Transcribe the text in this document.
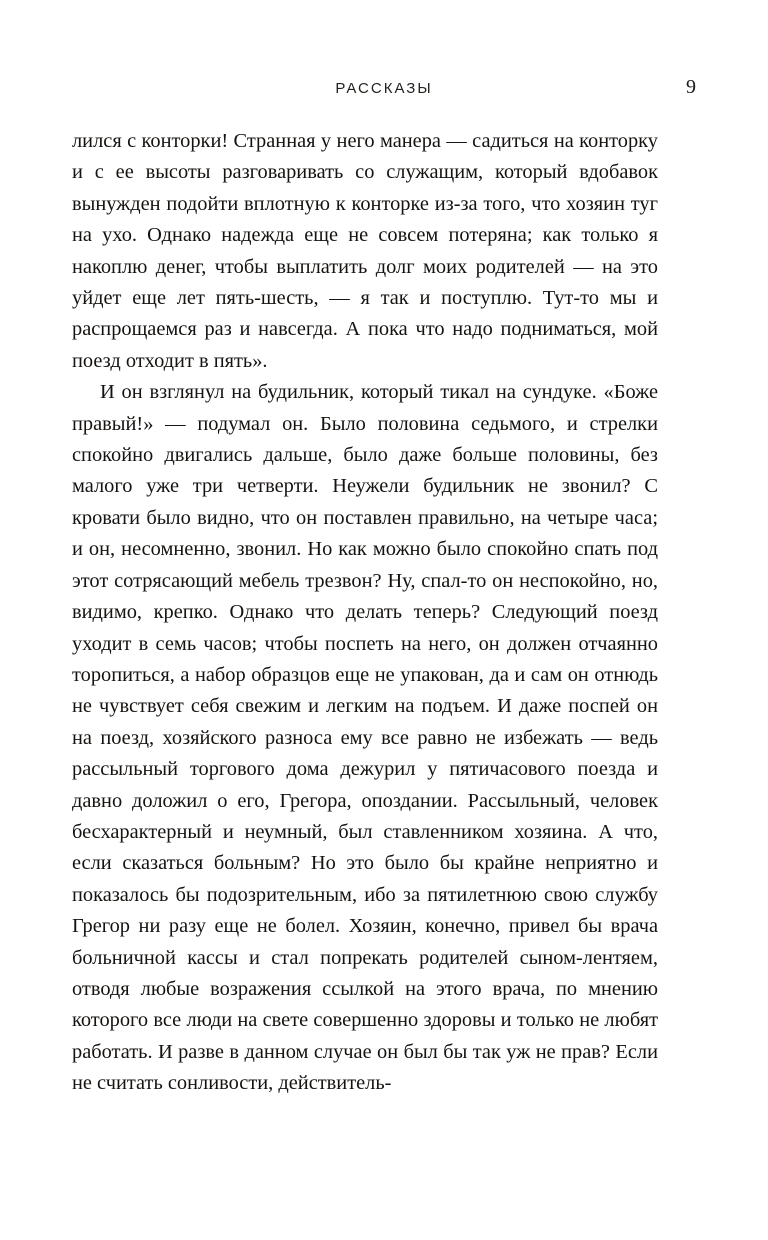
РАССКАЗЫ	9

лился с конторки! Странная у него манера — садиться на конторку и с ее высоты разговаривать со служащим, который вдобавок вынужден подойти вплотную к конторке из-за того, что хозяин туг на ухо. Однако надежда еще не совсем потеряна; как только я накоплю денег, чтобы выплатить долг моих родителей — на это уйдет еще лет пять-шесть, — я так и поступлю. Тут-то мы и распрощаемся раз и навсегда. А пока что надо подниматься, мой поезд отходит в пять».

И он взглянул на будильник, который тикал на сундуке. «Боже правый!» — подумал он. Было половина седьмого, и стрелки спокойно двигались дальше, было даже больше половины, без малого уже три четверти. Неужели будильник не звонил? С кровати было видно, что он поставлен правильно, на четыре часа; и он, несомненно, звонил. Но как можно было спокойно спать под этот сотрясающий мебель трезвон? Ну, спал-то он неспокойно, но, видимо, крепко. Однако что делать теперь? Следующий поезд уходит в семь часов; чтобы поспеть на него, он должен отчаянно торопиться, а набор образцов еще не упакован, да и сам он отнюдь не чувствует себя свежим и легким на подъем. И даже поспей он на поезд, хозяйского разноса ему все равно не избежать — ведь рассыльный торгового дома дежурил у пятичасового поезда и давно доложил о его, Грегора, опоздании. Рассыльный, человек бесхарактерный и неумный, был ставленником хозяина. А что, если сказаться больным? Но это было бы крайне неприятно и показалось бы подозрительным, ибо за пятилетнюю свою службу Грегор ни разу еще не болел. Хозяин, конечно, привел бы врача больничной кассы и стал попрекать родителей сыном-лентяем, отводя любые возражения ссылкой на этого врача, по мнению которого все люди на свете совершенно здоровы и только не любят работать. И разве в данном случае он был бы так уж не прав? Если не считать сонливости, действитель-
